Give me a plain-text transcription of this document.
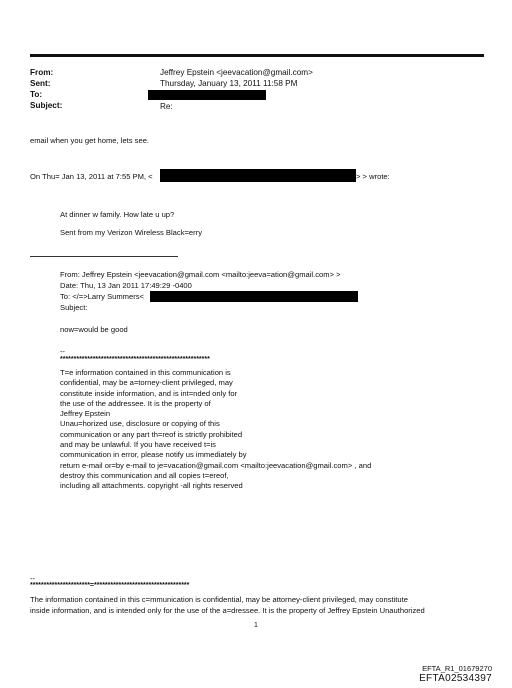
From:	Jeffrey Epstein <jeevacation@gmail.com>
Sent:	Thursday, January 13, 2011 11:58 PM
To:
Subject:	Re:
email when you get home, lets see.
On Thu= Jan 13, 2011 at 7:55 PM, <	> > wrote:
At dinner w family. How late u up?
Sent from my Verizon Wireless Black=erry
From: Jeffrey Epstein <jeevacation@gmail.com <mailto:jeeva=ation@gmail.com> >
Date: Thu, 13 Jan 2011 17:49:29 -0400
To: </=>Larry Summers<
Subject:
now=would be good
--
*******************************************************
T=e information contained in this communication is
confidential, may be a=torney-client privileged, may
constitute inside information, and is int=nded only for
the use of the addressee. It is the property of
Jeffrey Epstein
Unau=horized use, disclosure or copying of this
communication or any part th=reof is strictly prohibited
and may be unlawful. If you have received t=is
communication in error, please notify us immediately by
return e-mail or=by e-mail to je=vacation@gmail.com <mailto:jeevacation@gmail.com> , and
destroy this communication and all copies t=ereof,
including all attachments. copyright -all rights reserved
--
**********************=***********************************
The information contained in this c=mmunication is confidential, may be attorney-client privileged, may constitute
inside information, and is intended only for the use of the a=dressee. It is the property of Jeffrey Epstein Unauthorized
1
EFTA_R1_01679270
EFTA02534397
